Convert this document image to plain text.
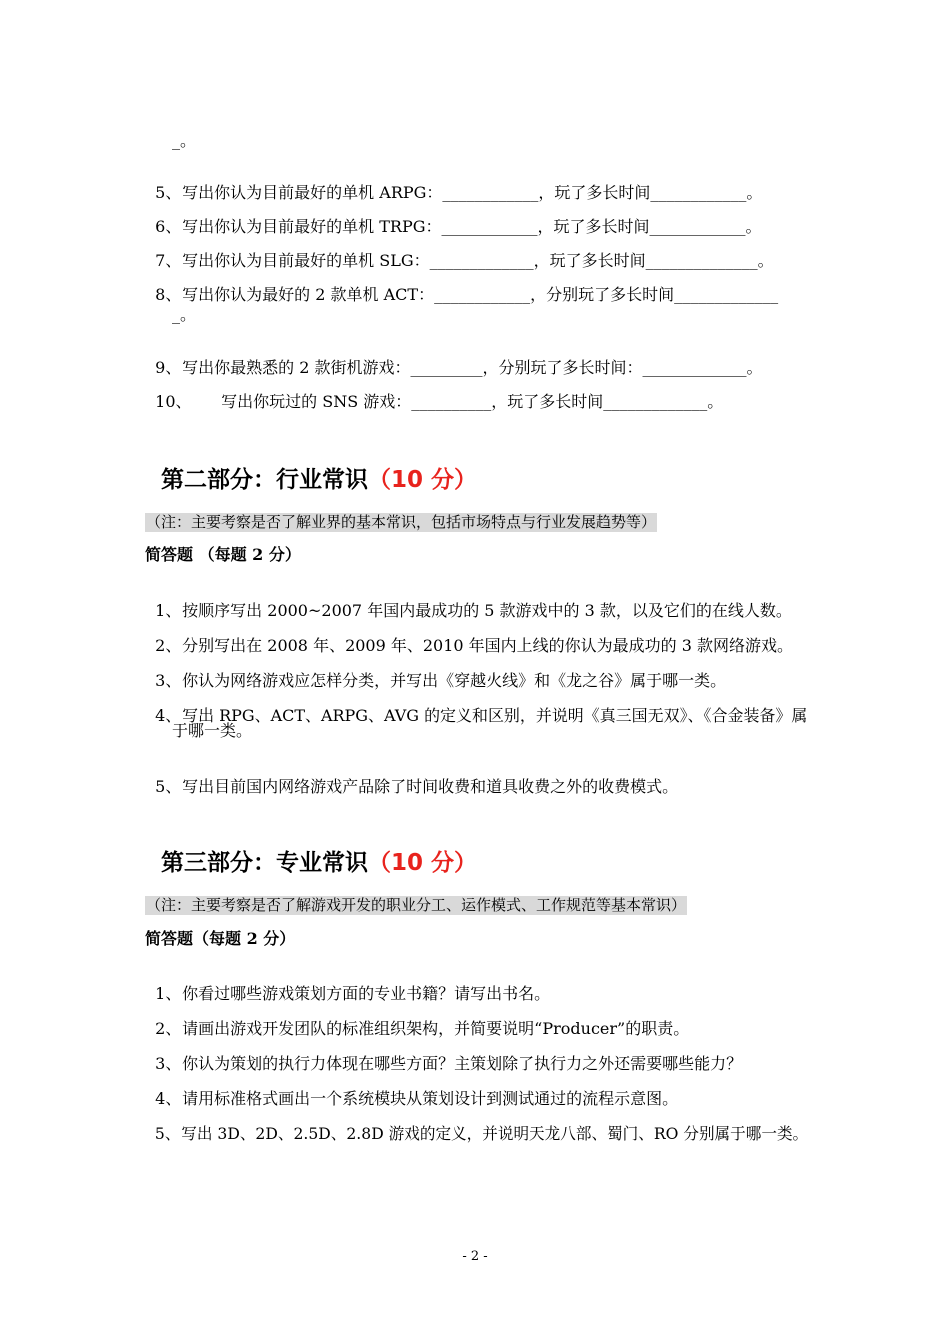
_。

5、写出你认为目前最好的单机 ARPG：____________，玩了多长时间____________。

6、写出你认为目前最好的单机 TRPG：____________，玩了多长时间____________。

7、写出你认为目前最好的单机 SLG：_____________，玩了多长时间______________。

8、写出你认为最好的 2 款单机 ACT：____________，分别玩了多长时间_____________

_。

9、写出你最熟悉的 2 款街机游戏：_________，分别玩了多长时间：_____________。

10、 写出你玩过的 SNS 游戏：__________，玩了多长时间_____________。

第二部分：行业常识（10 分）

（注：主要考察是否了解业界的基本常识，包括市场特点与行业发展趋势等）
简答题 （每题 2 分）

1、按顺序写出 2000~2007 年国内最成功的 5 款游戏中的 3 款，以及它们的在线人数。

2、分别写出在 2008 年、2009 年、2010 年国内上线的你认为最成功的 3 款网络游戏。

3、你认为网络游戏应怎样分类，并写出《穿越火线》和《龙之谷》属于哪一类。

4、写出 RPG、ACT、ARPG、AVG 的定义和区别，并说明《真三国无双》、《合金装备》属

于哪一类。

5、写出目前国内网络游戏产品除了时间收费和道具收费之外的收费模式。

第三部分：专业常识（10 分）

（注：主要考察是否了解游戏开发的职业分工、运作模式、工作规范等基本常识）
简答题（每题 2 分）

1、你看过哪些游戏策划方面的专业书籍？请写出书名。

2、请画出游戏开发团队的标准组织架构，并简要说明“Producer”的职责。

3、你认为策划的执行力体现在哪些方面？主策划除了执行力之外还需要哪些能力？

4、请用标准格式画出一个系统模块从策划设计到测试通过的流程示意图。

5、写出 3D、2D、2.5D、2.8D 游戏的定义，并说明天龙八部、蜀门、RO 分别属于哪一类。

- 2 -
